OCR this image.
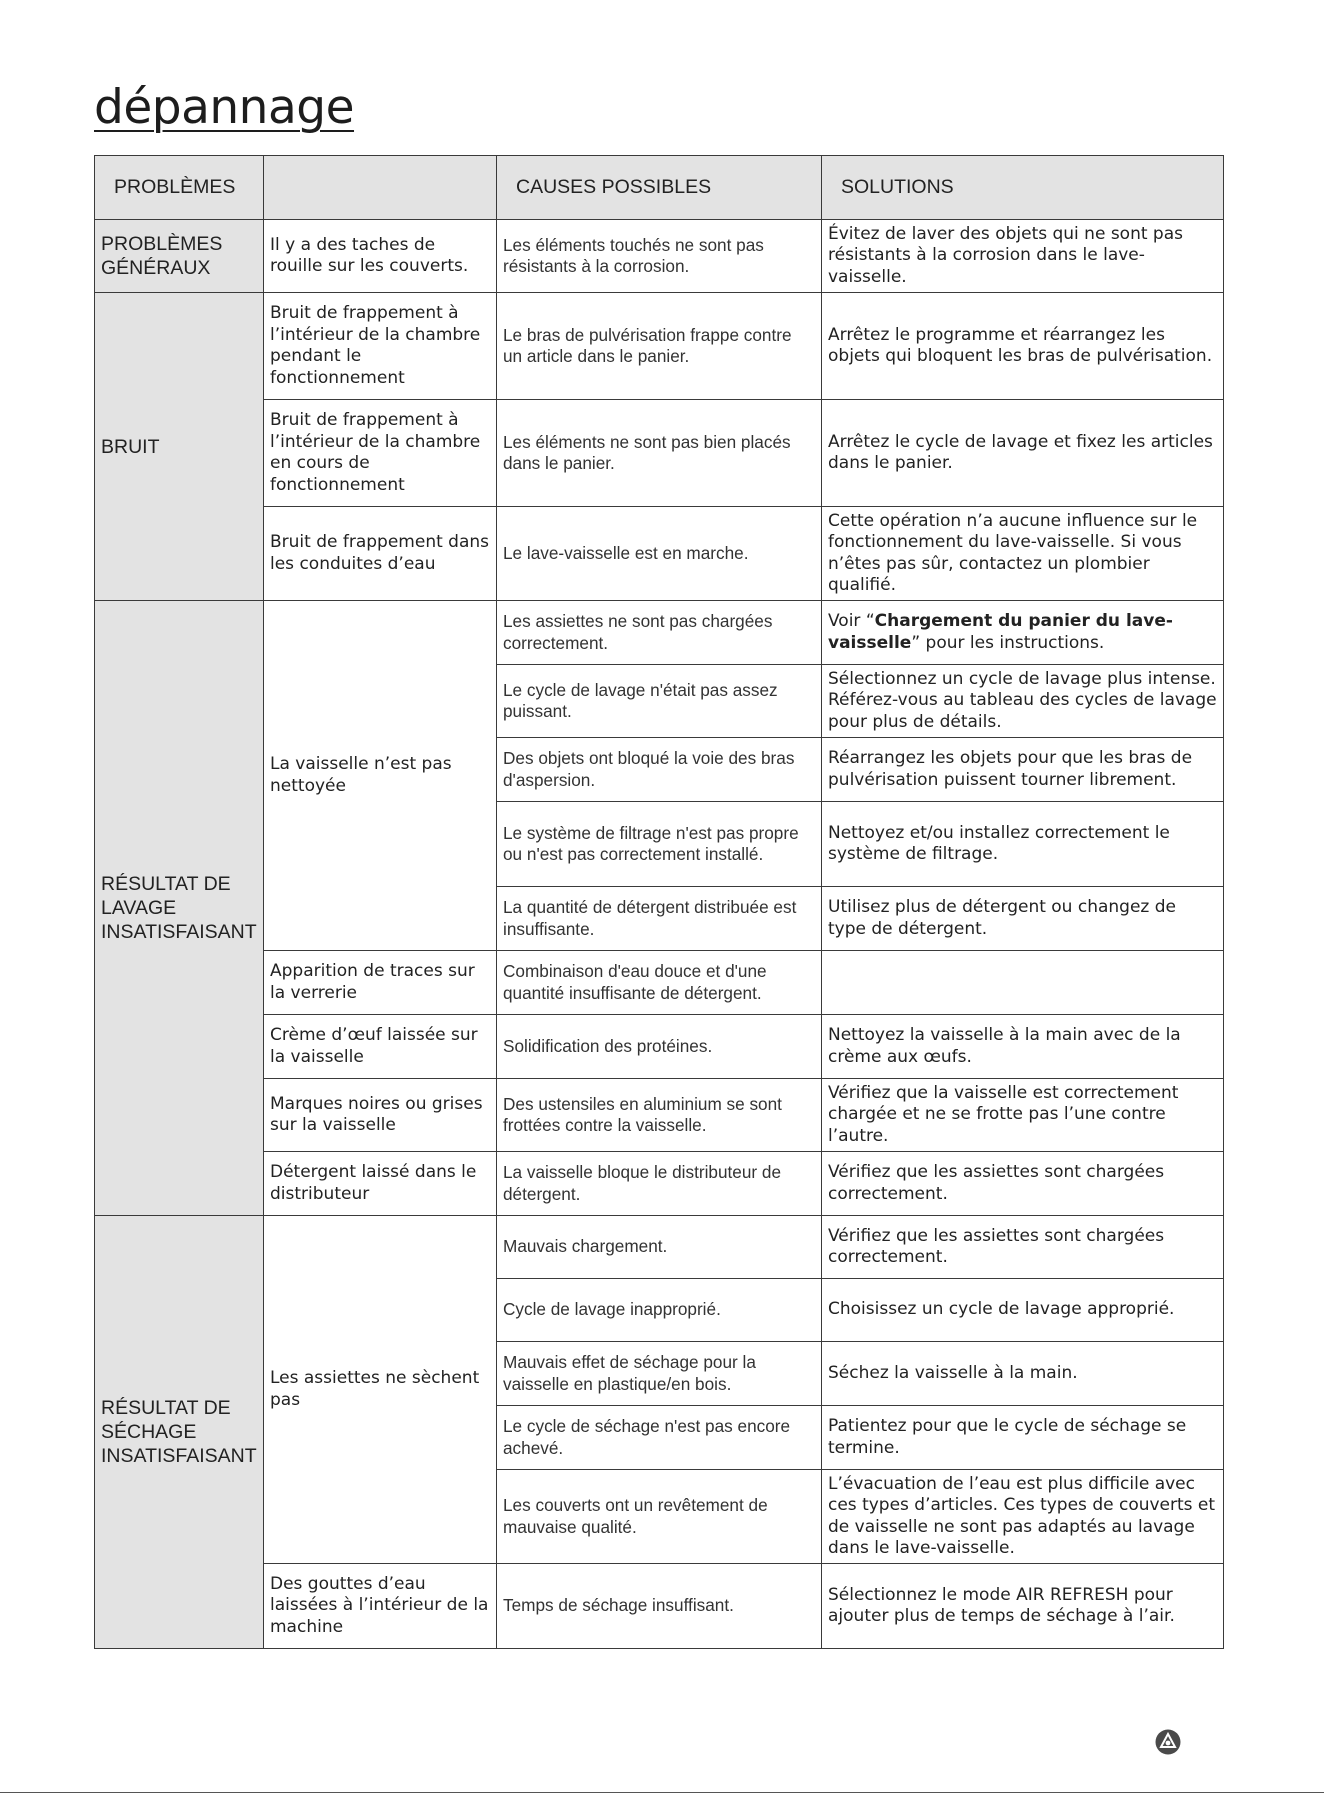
dépannage
PROBLÈMES		CAUSES POSSIBLES	SOLUTIONS
PROBLÈMES GÉNÉRAUX	Il y a des taches de rouille sur les couverts.	Les éléments touchés ne sont pas résistants à la corrosion.	Évitez de laver des objets qui ne sont pas résistants à la corrosion dans le lave-vaisselle.
BRUIT	Bruit de frappement à l’intérieur de la chambre pendant le fonctionnement	Le bras de pulvérisation frappe contre un article dans le panier.	Arrêtez le programme et réarrangez les objets qui bloquent les bras de pulvérisation.
	Bruit de frappement à l’intérieur de la chambre en cours de fonctionnement	Les éléments ne sont pas bien placés dans le panier.	Arrêtez le cycle de lavage et fixez les articles dans le panier.
	Bruit de frappement dans les conduites d’eau	Le lave-vaisselle est en marche.	Cette opération n’a aucune influence sur le fonctionnement du lave-vaisselle. Si vous n’êtes pas sûr, contactez un plombier qualifié.
RÉSULTAT DE LAVAGE INSATISFAISANT	La vaisselle n’est pas nettoyée	Les assiettes ne sont pas chargées correctement.	Voir “Chargement du panier du lave-vaisselle” pour les instructions.
		Le cycle de lavage n'était pas assez puissant.	Sélectionnez un cycle de lavage plus intense. Référez-vous au tableau des cycles de lavage pour plus de détails.
		Des objets ont bloqué la voie des bras d'aspersion.	Réarrangez les objets pour que les bras de pulvérisation puissent tourner librement.
		Le système de filtrage n'est pas propre ou n'est pas correctement installé.	Nettoyez et/ou installez correctement le système de filtrage.
		La quantité de détergent distribuée est insuffisante.	Utilisez plus de détergent ou changez de type de détergent.
	Apparition de traces sur la verrerie	Combinaison d'eau douce et d'une quantité insuffisante de détergent.	
	Crème d’œuf laissée sur la vaisselle	Solidification des protéines.	Nettoyez la vaisselle à la main avec de la crème aux œufs.
	Marques noires ou grises sur la vaisselle	Des ustensiles en aluminium se sont frottées contre la vaisselle.	Vérifiez que la vaisselle est correctement chargée et ne se frotte pas l’une contre l’autre.
	Détergent laissé dans le distributeur	La vaisselle bloque le distributeur de détergent.	Vérifiez que les assiettes sont chargées correctement.
RÉSULTAT DE SÉCHAGE INSATISFAISANT	Les assiettes ne sèchent pas	Mauvais chargement.	Vérifiez que les assiettes sont chargées correctement.
		Cycle de lavage inapproprié.	Choisissez un cycle de lavage approprié.
		Mauvais effet de séchage pour la vaisselle en plastique/en bois.	Séchez la vaisselle à la main.
		Le cycle de séchage n'est pas encore achevé.	Patientez pour que le cycle de séchage se termine.
		Les couverts ont un revêtement de mauvaise qualité.	L’évacuation de l’eau est plus difficile avec ces types d’articles. Ces types de couverts et de vaisselle ne sont pas adaptés au lavage dans le lave-vaisselle.
	Des gouttes d’eau laissées à l’intérieur de la machine	Temps de séchage insuffisant.	Sélectionnez le mode AIR REFRESH pour ajouter plus de temps de séchage à l’air.
